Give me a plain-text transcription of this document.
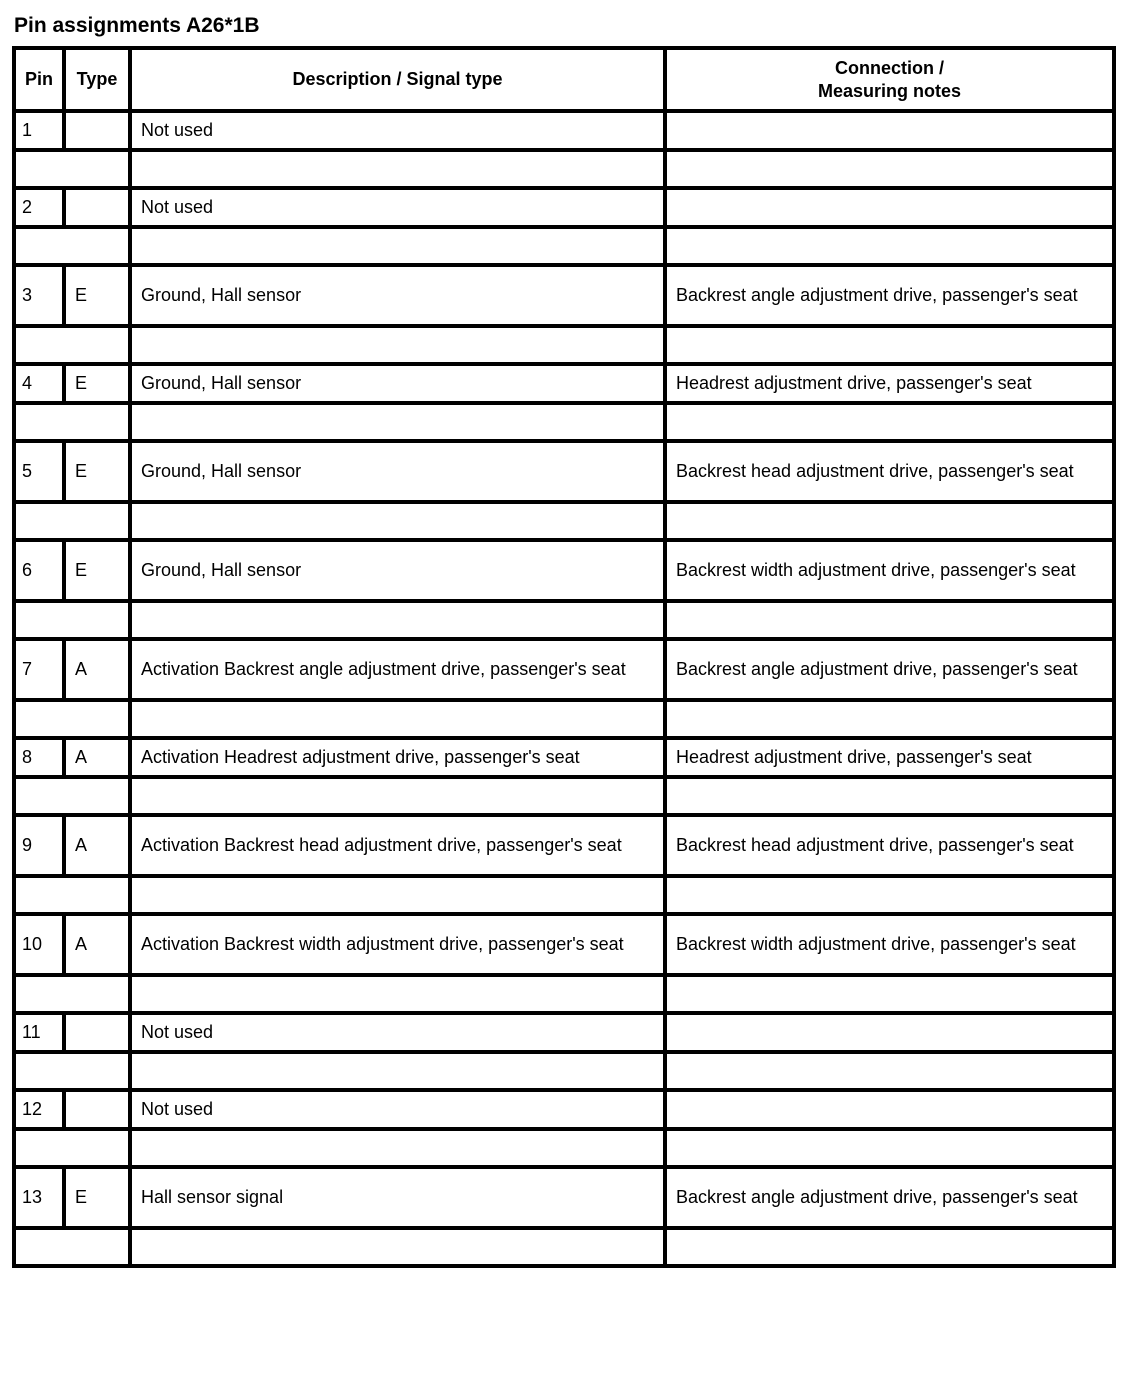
Pin assignments A26*1B
Pin	Type	Description / Signal type	Connection /
Measuring notes

1		Not used	

2		Not used	

3	E	Ground, Hall sensor	Backrest angle adjustment drive, passenger's seat

4	E	Ground, Hall sensor	Headrest adjustment drive, passenger's seat

5	E	Ground, Hall sensor	Backrest head adjustment drive, passenger's seat

6	E	Ground, Hall sensor	Backrest width adjustment drive, passenger's seat

7	A	Activation Backrest angle adjustment drive, passenger's seat	Backrest angle adjustment drive, passenger's seat

8	A	Activation Headrest adjustment drive, passenger's seat	Headrest adjustment drive, passenger's seat

9	A	Activation Backrest head adjustment drive, passenger's seat	Backrest head adjustment drive, passenger's seat

10	A	Activation Backrest width adjustment drive, passenger's seat	Backrest width adjustment drive, passenger's seat

11		Not used	

12		Not used	

13	E	Hall sensor signal	Backrest angle adjustment drive, passenger's seat
